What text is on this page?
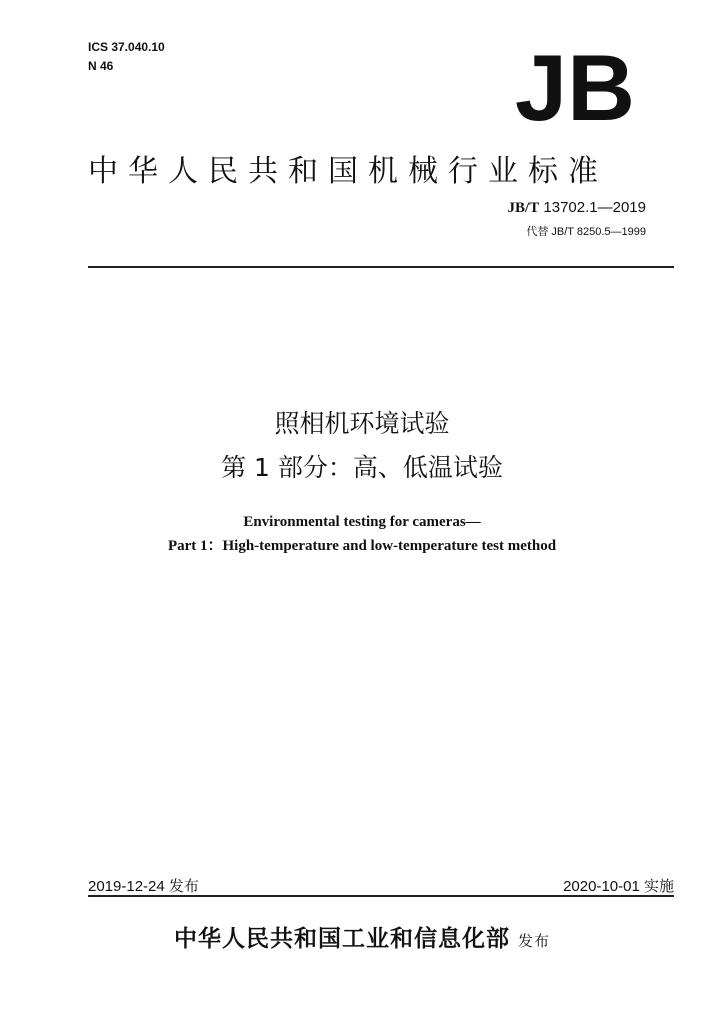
ICS 37.040.10
N 46	JB
中华人民共和国机械行业标准
JB/T 13702.1—2019
代替 JB/T 8250.5—1999
照相机环境试验
第 1 部分：高、低温试验
Environmental testing for cameras—
Part 1：High-temperature and low-temperature test method
2019-12-24 发布	2020-10-01 实施
中华人民共和国工业和信息化部 发布
